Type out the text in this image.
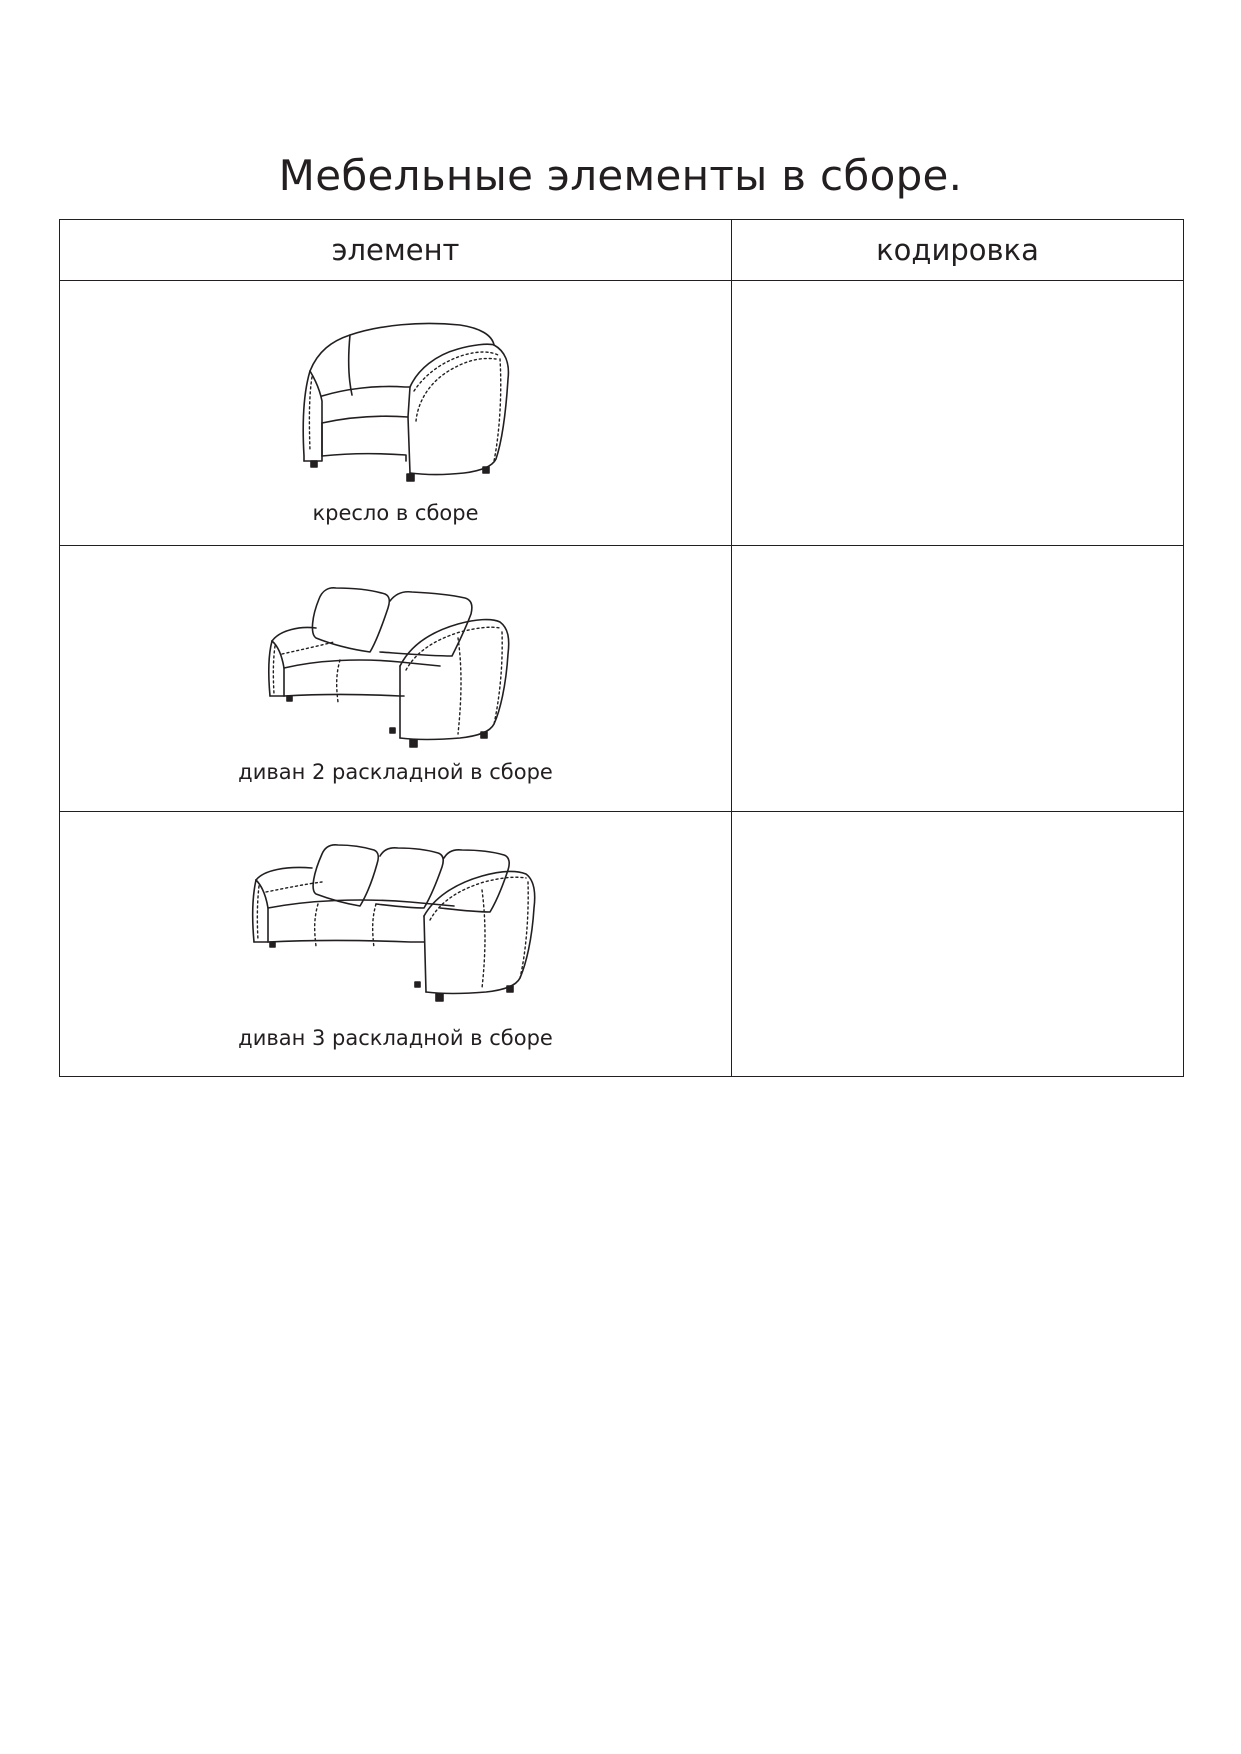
Мебельные элементы в сборе.
элемент	кодировка

кресло в сборе	

диван 2 раскладной в сборе	

диван 3 раскладной в сборе	
